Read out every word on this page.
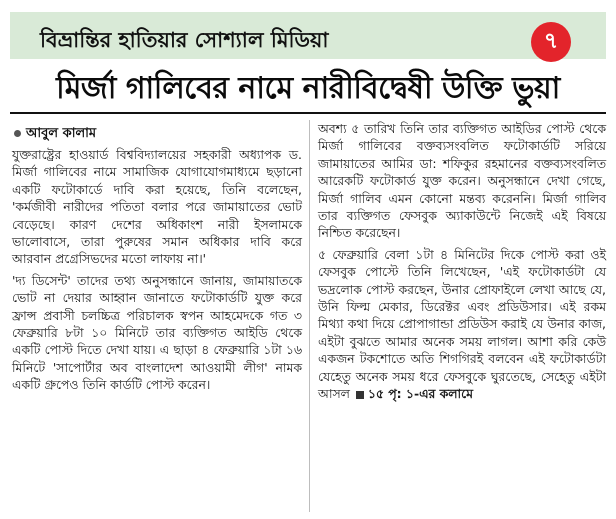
বিভ্রান্তির হাতিয়ার সোশ্যাল মিডিয়া	৭
মির্জা গালিবের নামে নারীবিদ্বেষী উক্তি ভুয়া
আবুল কালাম

যুক্তরাষ্ট্রের হাওয়ার্ড বিশ্ববিদ্যালয়ের সহকারী অধ্যাপক ড. মির্জা গালিবের নামে সামাজিক যোগাযোগমাধ্যমে ছড়ানো একটি ফটোকার্ডে দাবি করা হয়েছে, তিনি বলেছেন, 'কর্মজীবী নারীদের পতিতা বলার পরে জামায়াতের ভোট বেড়েছে। কারণ দেশের অধিকাংশ নারী ইসলামকে ভালোবাসে, তারা পুরুষের সমান অধিকার দাবি করে আরবান প্রগ্রেসিভদের মতো লাফায় না।'

'দ্য ডিসেন্ট' তাদের তথ্য অনুসন্ধানে জানায়, জামায়াতকে ভোট না দেয়ার আহ্বান জানাতে ফটোকার্ডটি যুক্ত করে ফ্রান্স প্রবাসী চলচ্চিত্র পরিচালক স্বপন আহমেদকে গত ৩ ফেব্রুয়ারি ৮টা ১০ মিনিটে তার ব্যক্তিগত আইডি থেকে একটি পোস্ট দিতে দেখা যায়। এ ছাড়া ৪ ফেব্রুয়ারি ১টা ১৬ মিনিটে 'সাপোর্টার অব বাংলাদেশ আওয়ামী লীগ' নামক একটি গ্রুপেও তিনি কার্ডটি পোস্ট করেন।

অবশ্য ৫ তারিখ তিনি তার ব্যক্তিগত আইডির পোস্ট থেকে মির্জা গালিবের বক্তব্যসংবলিত ফটোকার্ডটি সরিয়ে জামায়াতের আমির ডা: শফিকুর রহমানের বক্তব্যসংবলিত আরেকটি ফটোকার্ড যুক্ত করেন। অনুসন্ধানে দেখা গেছে, মির্জা গালিব এমন কোনো মন্তব্য করেননি। মির্জা গালিব তার ব্যক্তিগত ফেসবুক অ্যাকাউন্টে নিজেই এই বিষয়ে নিশ্চিত করেছেন।

৫ ফেব্রুয়ারি বেলা ১টা ৪ মিনিটের দিকে পোস্ট করা ওই ফেসবুক পোস্টে তিনি লিখেছেন, 'এই ফটোকার্ডটা যে ভদ্রলোক পোস্ট করছেন, উনার প্রোফাইলে লেখা আছে যে, উনি ফিল্ম মেকার, ডিরেক্টর এবং প্রডিউসার। এই রকম মিথ্যা কথা দিয়ে প্রোপাগান্ডা প্রডিউস করাই যে উনার কাজ, এইটা বুঝতে আমার অনেক সময় লাগল। আশা করি কেউ একজন টকশোতে অতি শিগগিরই বলবেন এই ফটোকার্ডটা যেহেতু অনেক সময় ধরে ফেসবুকে ঘুরতেছে, সেহেতু এইটা আসল ১৫ পৃ: ১-এর কলামে
